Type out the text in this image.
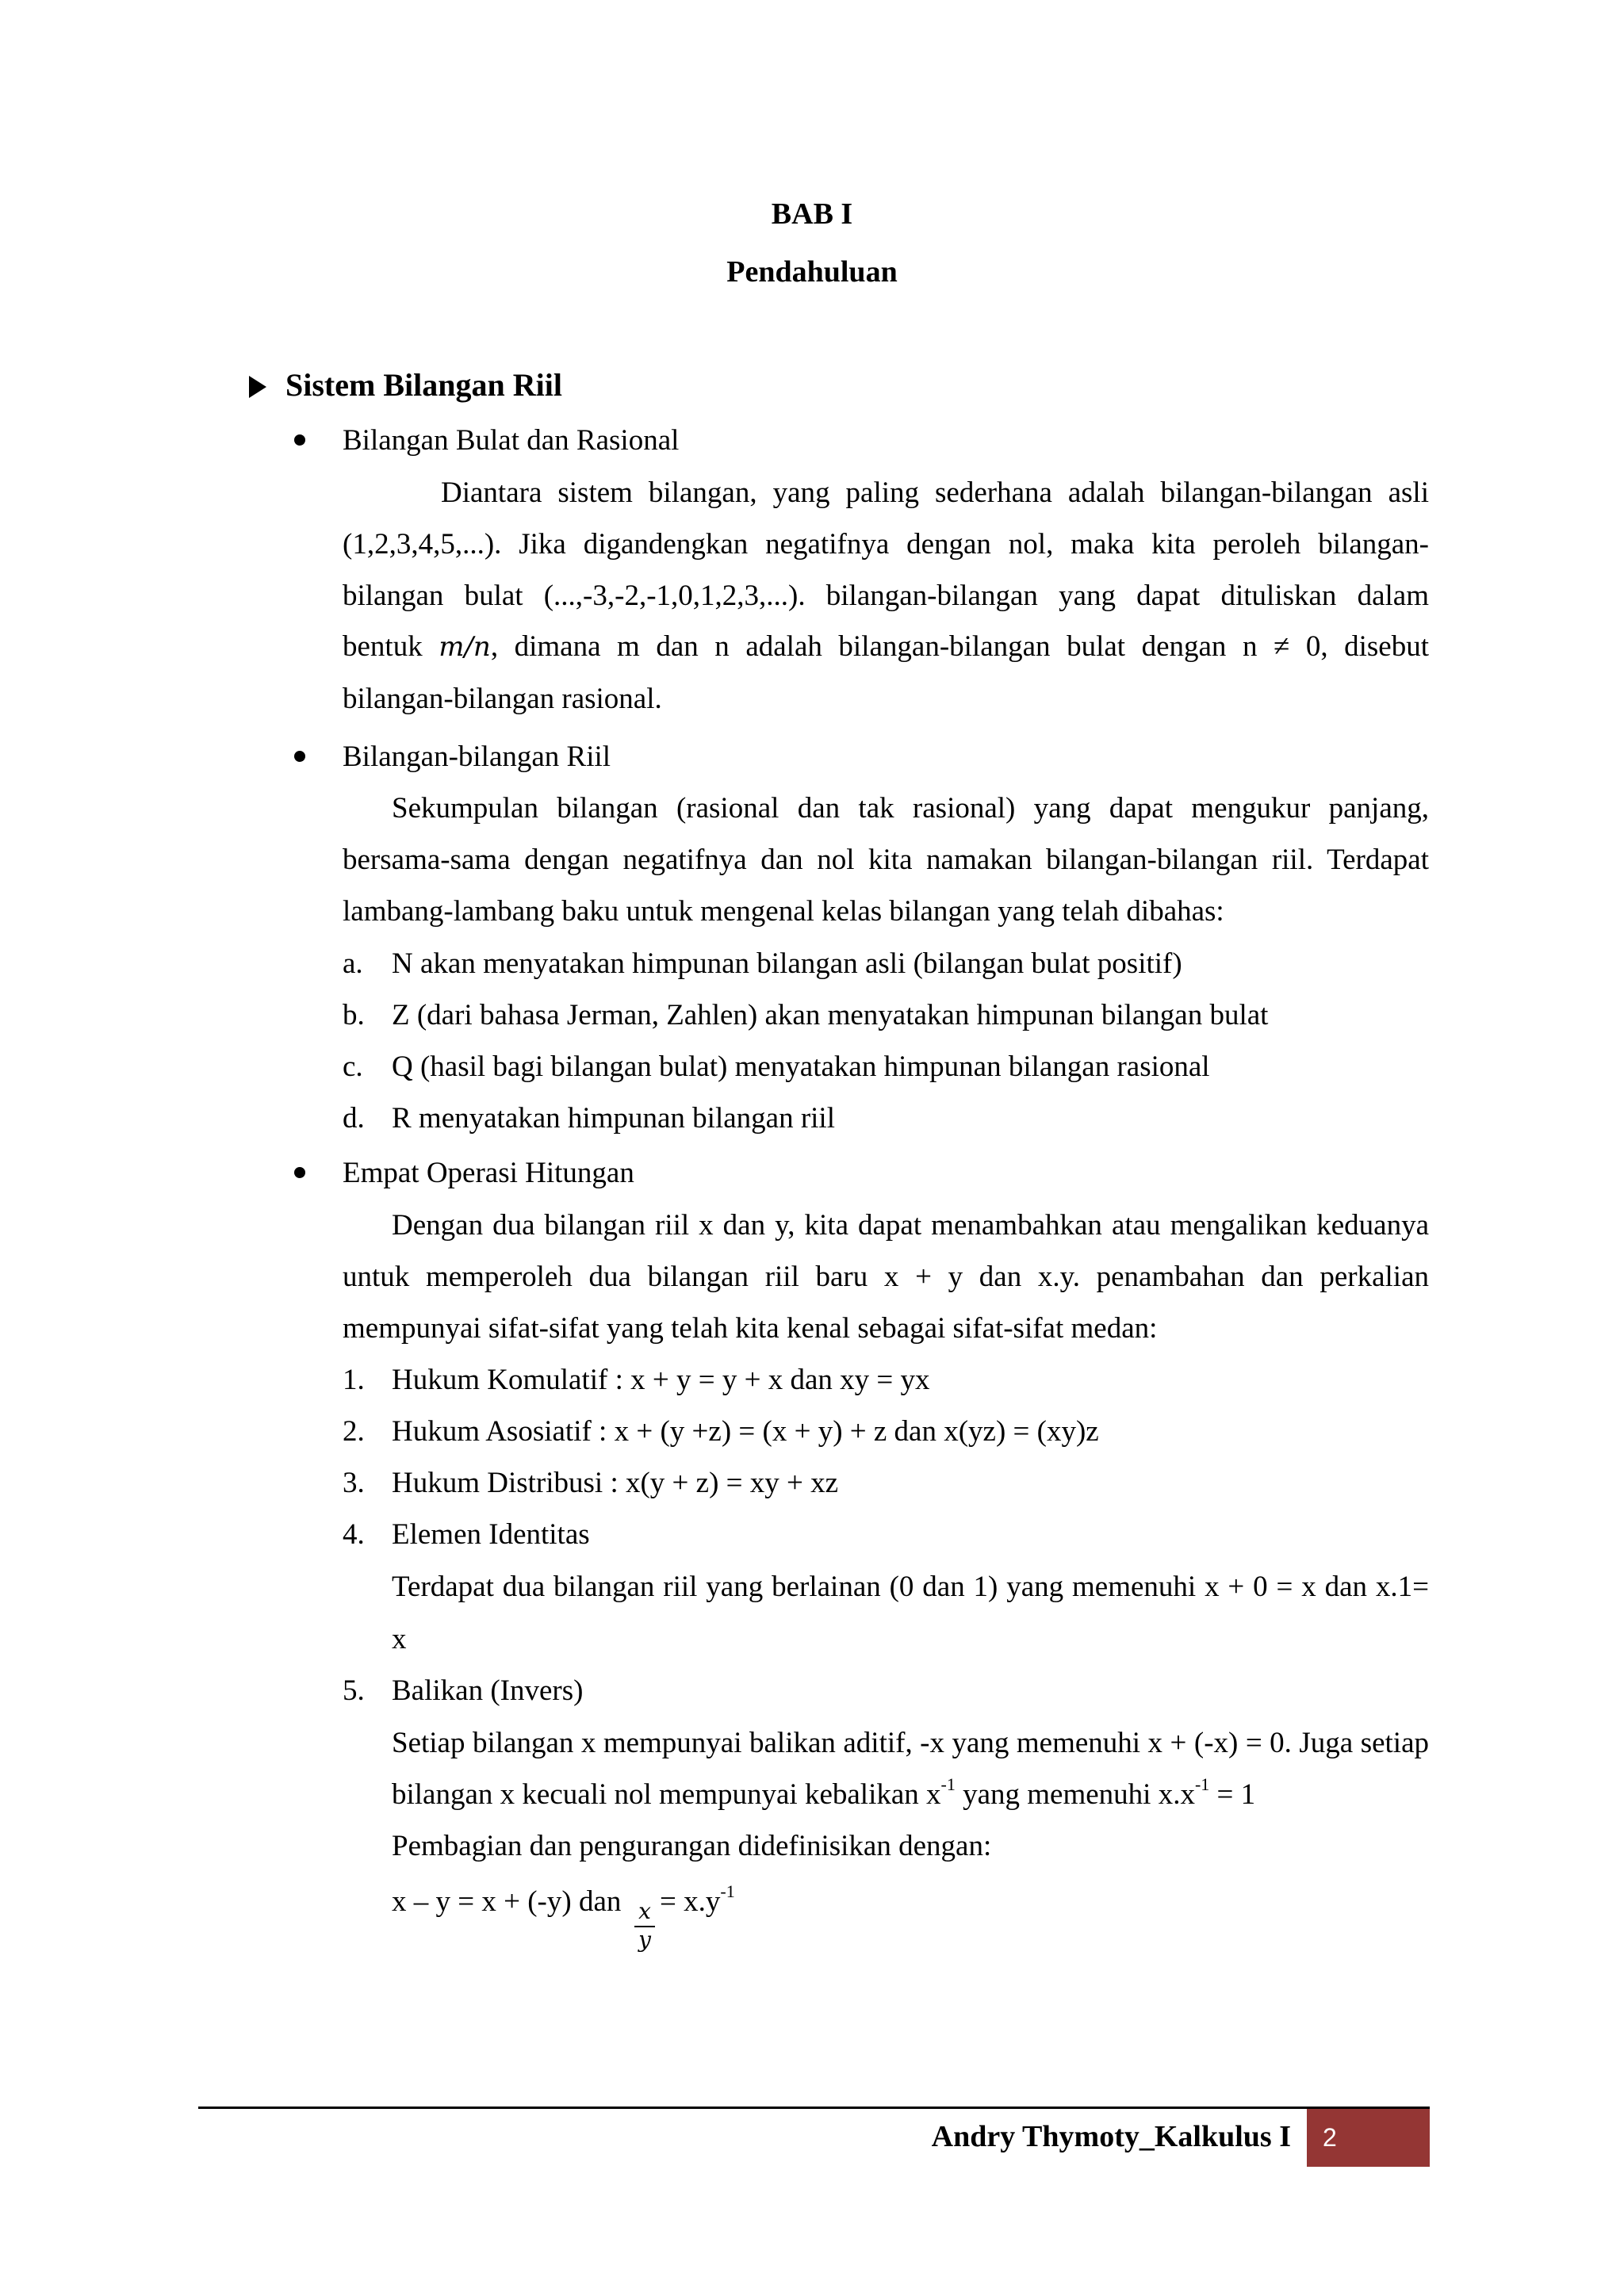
BAB I
Pendahuluan
Sistem Bilangan Riil
Bilangan Bulat dan Rasional
Diantara sistem bilangan, yang paling sederhana adalah bilangan-bilangan asli
(1,2,3,4,5,...). Jika digandengkan negatifnya dengan nol, maka kita peroleh bilangan-
bilangan bulat (...,-3,-2,-1,0,1,2,3,...). bilangan-bilangan yang dapat dituliskan dalam
bentuk m/n, dimana m dan n adalah bilangan-bilangan bulat dengan n ≠ 0, disebut
bilangan-bilangan rasional.
Bilangan-bilangan Riil
Sekumpulan bilangan (rasional dan tak rasional) yang dapat mengukur panjang,
bersama-sama dengan negatifnya dan nol kita namakan bilangan-bilangan riil. Terdapat
lambang-lambang baku untuk mengenal kelas bilangan yang telah dibahas:
a. N akan menyatakan himpunan bilangan asli (bilangan bulat positif)
b. Z (dari bahasa Jerman, Zahlen) akan menyatakan himpunan bilangan bulat
c. Q (hasil bagi bilangan bulat) menyatakan himpunan bilangan rasional
d. R menyatakan himpunan bilangan riil
Empat Operasi Hitungan
Dengan dua bilangan riil x dan y, kita dapat menambahkan atau mengalikan keduanya
untuk memperoleh dua bilangan riil baru x + y dan x.y. penambahan dan perkalian
mempunyai sifat-sifat yang telah kita kenal sebagai sifat-sifat medan:
1. Hukum Komulatif : x + y = y + x dan xy = yx
2. Hukum Asosiatif : x + (y +z) = (x + y) + z dan x(yz) = (xy)z
3. Hukum Distribusi : x(y + z) = xy + xz
4. Elemen Identitas
Terdapat dua bilangan riil yang berlainan (0 dan 1) yang memenuhi x + 0 = x dan x.1=
x
5. Balikan (Invers)
Setiap bilangan x mempunyai balikan aditif, -x yang memenuhi x + (-x) = 0. Juga setiap
bilangan x kecuali nol mempunyai kebalikan $x^{-1}$ yang memenuhi $x.x^{-1} = 1$
Pembagian dan pengurangan didefinisikan dengan:
x – y = x + (-y) dan x
y
= $x.y^{-1}$
Andry Thymoty_Kalkulus I	2
